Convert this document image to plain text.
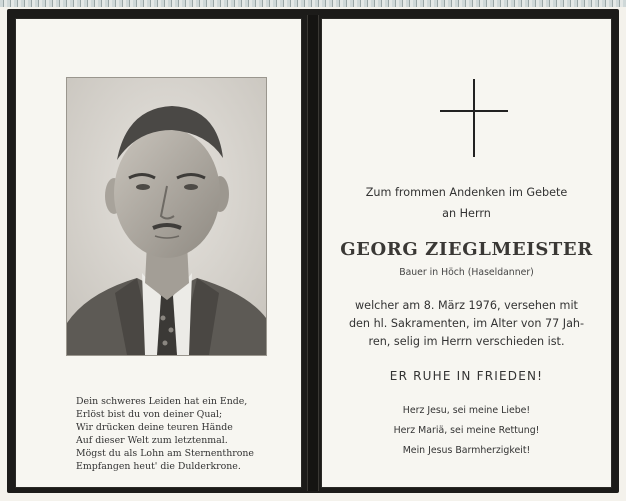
Dein schweres Leiden hat ein Ende,
Erlöst bist du von deiner Qual;
Wir drücken deine teuren Hände
Auf dieser Welt zum letztenmal.
Mögst du als Lohn am Sternenthrone
Empfangen heut' die Dulderkrone.
Zum frommen Andenken im Gebete
an Herrn
GEORG ZIEGLMEISTER
Bauer in Höch (Haseldanner)
welcher am 8. März 1976, versehen mit
den hl. Sakramenten, im Alter von 77 Jah-
ren, selig im Herrn verschieden ist.
ER RUHE IN FRIEDEN!
Herz Jesu, sei meine Liebe!
Herz Mariä, sei meine Rettung!
Mein Jesus Barmherzigkeit!
